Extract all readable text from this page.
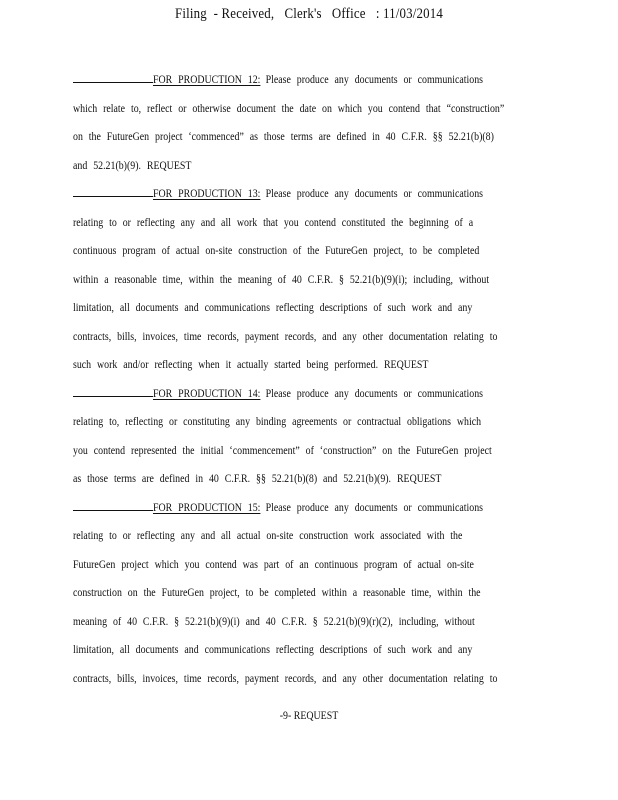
Filing  - Received,   Clerk's   Office   : 11/03/2014
FOR PRODUCTION 12: Please produce any documents or communications
which relate to, reflect or otherwise document the date on which you contend that “construction”
on the FutureGen project ‘commenced” as those terms are defined in 40 C.F.R. §§ 52.21(b)(8)
and 52.21(b)(9). REQUEST
FOR PRODUCTION 13: Please produce any documents or communications
relating to or reflecting any and all work that you contend constituted the beginning of a
continuous program of actual on-site construction of the FutureGen project, to be completed
within a reasonable time, within the meaning of 40 C.F.R. § 52.21(b)(9)(i); including, without
limitation, all documents and communications reflecting descriptions of such work and any
contracts, bills, invoices, time records, payment records, and any other documentation relating to
such work and/or reflecting when it actually started being performed. REQUEST
FOR PRODUCTION 14: Please produce any documents or communications
relating to, reflecting or constituting any binding agreements or contractual obligations which
you contend represented the initial ‘commencement” of ‘construction” on the FutureGen project
as those terms are defined in 40 C.F.R. §§ 52.21(b)(8) and 52.21(b)(9). REQUEST
FOR PRODUCTION 15: Please produce any documents or communications
relating to or reflecting any and all actual on-site construction work associated with the
FutureGen project which you contend was part of an continuous program of actual on-site
construction on the FutureGen project, to be completed within a reasonable time, within the
meaning of 40 C.F.R. § 52.21(b)(9)(i) and 40 C.F.R. § 52.21(b)(9)(r)(2), including, without
limitation, all documents and communications reflecting descriptions of such work and any
contracts, bills, invoices, time records, payment records, and any other documentation relating to
-9- REQUEST
